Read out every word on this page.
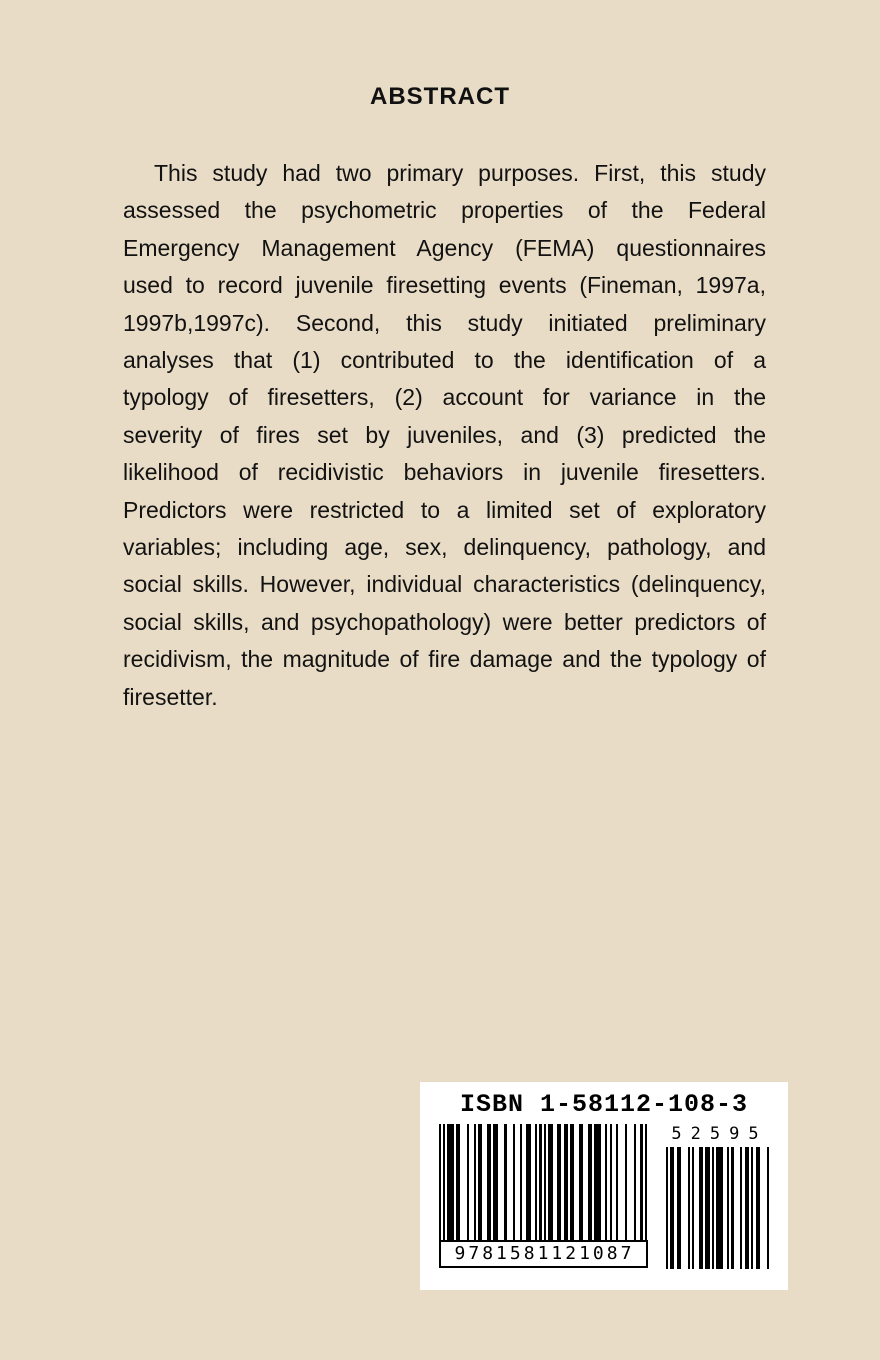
ABSTRACT

This study had two primary purposes. First, this study assessed the psychometric properties of the Federal Emergency Management Agency (FEMA) questionnaires used to record juvenile firesetting events (Fineman, 1997a, 1997b,1997c). Second, this study initiated preliminary analyses that (1) contributed to the identification of a typology of firesetters, (2) account for variance in the severity of fires set by juveniles, and (3) predicted the likelihood of recidivistic behaviors in juvenile firesetters. Predictors were restricted to a limited set of exploratory variables; including age, sex, delinquency, pathology, and social skills. However, individual characteristics (delinquency, social skills, and psychopathology) were better predictors of recidivism, the magnitude of fire damage and the typology of firesetter.

ISBN 1-58112-108-3
9781581121087
52595
